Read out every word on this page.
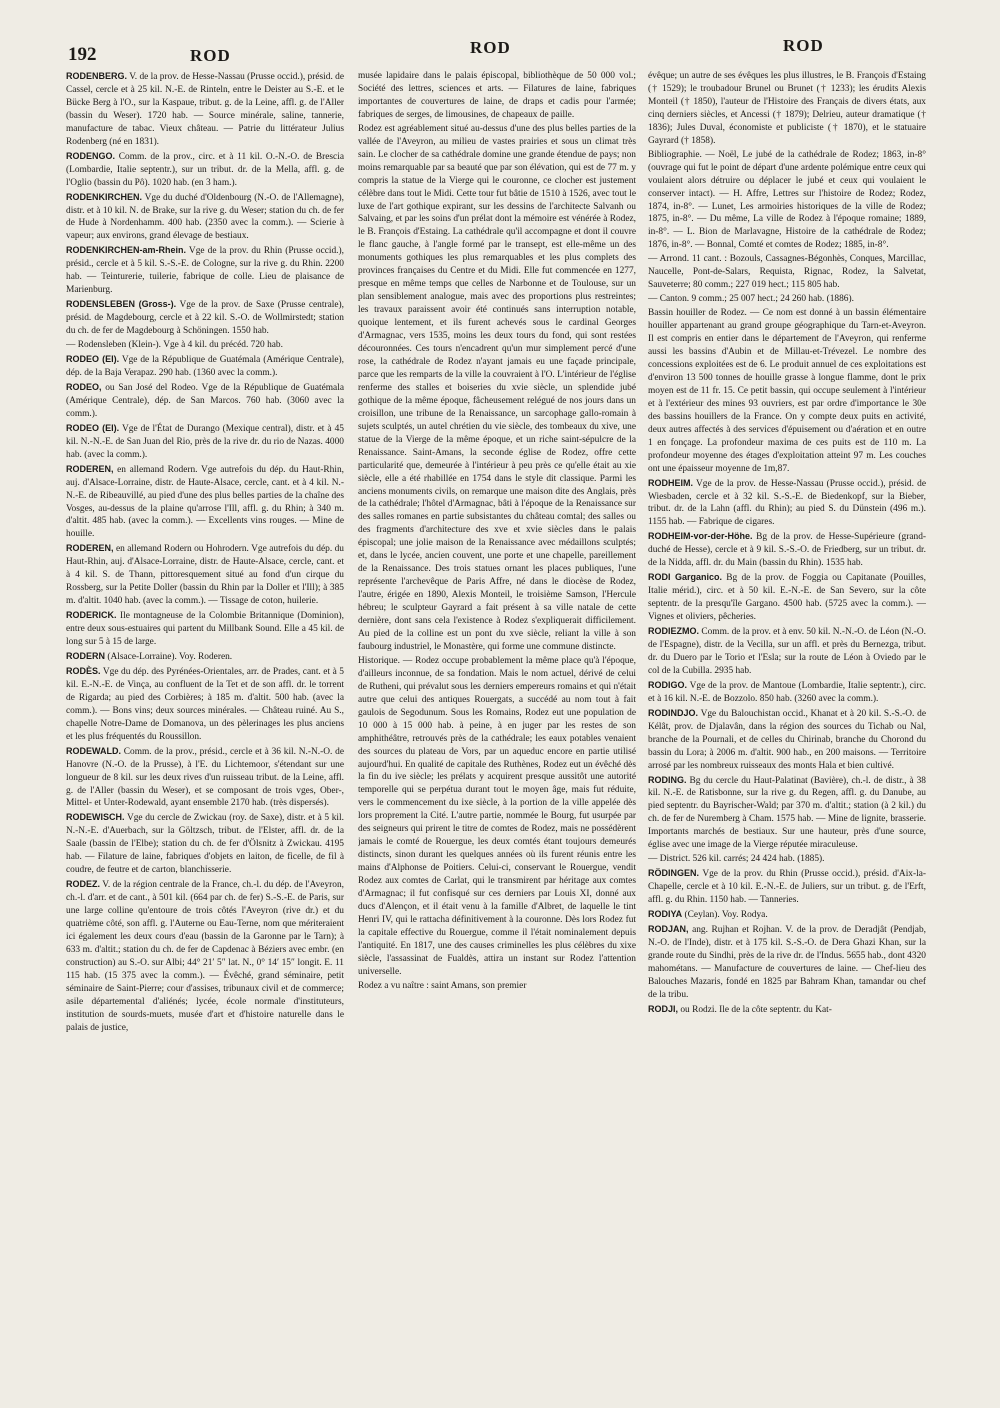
192	ROD	ROD	ROD

RODENBERG. V. de la prov. de Hesse-Nassau (Prusse occid.), présid. de Cassel, cercle et à 25 kil. N.-E. de Rinteln, entre le Deister au S.-E. et le Bücke Berg à l'O., sur la Kaspaue, tribut. g. de la Leine, affl. g. de l'Aller (bassin du Weser). 1720 hab. — Source minérale, saline, tannerie, manufacture de tabac. Vieux château. — Patrie du littérateur Julius Rodenberg (né en 1831).

RODENGO. Comm. de la prov., circ. et à 11 kil. O.-N.-O. de Brescia (Lombardie, Italie septentr.), sur un tribut. dr. de la Mella, affl. g. de l'Oglio (bassin du Pô). 1020 hab. (en 3 ham.).

RODENKIRCHEN. Vge du duché d'Oldenbourg (N.-O. de l'Allemagne), distr. et à 10 kil. N. de Brake, sur la rive g. du Weser; station du ch. de fer de Hude à Nordenhamm. 400 hab. (2350 avec la comm.). — Scierie à vapeur; aux environs, grand élevage de bestiaux.

RODENKIRCHEN-am-Rhein. Vge de la prov. du Rhin (Prusse occid.), présid., cercle et à 5 kil. S.-S.-E. de Cologne, sur la rive g. du Rhin. 2200 hab. — Teinturerie, tuilerie, fabrique de colle. Lieu de plaisance de Marienburg.

RODENSLEBEN (Gross-). Vge de la prov. de Saxe (Prusse centrale), présid. de Magdebourg, cercle et à 22 kil. S.-O. de Wollmirstedt; station du ch. de fer de Magdebourg à Schöningen. 1550 hab.

— Rodensleben (Klein-). Vge à 4 kil. du précéd. 720 hab.

RODEO (El). Vge de la République de Guatémala (Amérique Centrale), dép. de la Baja Verapaz. 290 hab. (1360 avec la comm.).

RODEO, ou San José del Rodeo. Vge de la République de Guatémala (Amérique Centrale), dép. de San Marcos. 760 hab. (3060 avec la comm.).

RODEO (El). Vge de l'État de Durango (Mexique central), distr. et à 45 kil. N.-N.-E. de San Juan del Rio, près de la rive dr. du rio de Nazas. 4000 hab. (avec la comm.).

RODEREN, en allemand Rodern. Vge autrefois du dép. du Haut-Rhin, auj. d'Alsace-Lorraine, distr. de Haute-Alsace, cercle, cant. et à 4 kil. N.-N.-E. de Ribeauvillé, au pied d'une des plus belles parties de la chaîne des Vosges, au-dessus de la plaine qu'arrose l'Ill, affl. g. du Rhin; à 340 m. d'altit. 485 hab. (avec la comm.). — Excellents vins rouges. — Mine de houille.

RODEREN, en allemand Rodern ou Hohrodern. Vge autrefois du dép. du Haut-Rhin, auj. d'Alsace-Lorraine, distr. de Haute-Alsace, cercle, cant. et à 4 kil. S. de Thann, pittoresquement situé au fond d'un cirque du Rossberg, sur la Petite Doller (bassin du Rhin par la Doller et l'Ill); à 385 m. d'altit. 1040 hab. (avec la comm.). — Tissage de coton, huilerie.

RODERICK. Ile montagneuse de la Colombie Britannique (Dominion), entre deux sous-estuaires qui partent du Millbank Sound. Elle a 45 kil. de long sur 5 à 15 de large.

RODERN (Alsace-Lorraine). Voy. Roderen.

RODÈS. Vge du dép. des Pyrénées-Orientales, arr. de Prades, cant. et à 5 kil. E.-N.-E. de Vinça, au confluent de la Tet et de son affl. dr. le torrent de Rigarda; au pied des Corbières; à 185 m. d'altit. 500 hab. (avec la comm.). — Bons vins; deux sources minérales. — Château ruiné. Au S., chapelle Notre-Dame de Domanova, un des pèlerinages les plus anciens et les plus fréquentés du Roussillon.

RODEWALD. Comm. de la prov., présid., cercle et à 36 kil. N.-N.-O. de Hanovre (N.-O. de la Prusse), à l'E. du Lichtemoor, s'étendant sur une longueur de 8 kil. sur les deux rives d'un ruisseau tribut. de la Leine, affl. g. de l'Aller (bassin du Weser), et se composant de trois vges, Ober-, Mittel- et Unter-Rodewald, ayant ensemble 2170 hab. (très dispersés).

RODEWISCH. Vge du cercle de Zwickau (roy. de Saxe), distr. et à 5 kil. N.-N.-E. d'Auerbach, sur la Göltzsch, tribut. de l'Elster, affl. dr. de la Saale (bassin de l'Elbe); station du ch. de fer d'Ölsnitz à Zwickau. 4195 hab. — Filature de laine, fabriques d'objets en laiton, de ficelle, de fil à coudre, de feutre et de carton, blanchisserie.

RODEZ. V. de la région centrale de la France, ch.-l. du dép. de l'Aveyron, ch.-l. d'arr. et de cant., à 501 kil. (664 par ch. de fer) S.-S.-E. de Paris, sur une large colline qu'entoure de trois côtés l'Aveyron (rive dr.) et du quatrième côté, son affl. g. l'Auterne ou Eau-Terne, nom que mériteraient ici également les deux cours d'eau (bassin de la Garonne par le Tarn); à 633 m. d'altit.; station du ch. de fer de Capdenac à Béziers avec embr. (en construction) au S.-O. sur Albi; 44° 21′ 5″ lat. N., 0° 14′ 15″ longit. E. 11 115 hab. (15 375 avec la comm.). — Évêché, grand séminaire, petit séminaire de Saint-Pierre; cour d'assises, tribunaux civil et de commerce; asile départemental d'aliénés; lycée, école normale d'instituteurs, institution de sourds-muets, musée d'art et d'histoire naturelle dans le palais de justice,

musée lapidaire dans le palais épiscopal, bibliothèque de 50 000 vol.; Société des lettres, sciences et arts. — Filatures de laine, fabriques importantes de couvertures de laine, de draps et cadis pour l'armée; fabriques de serges, de limousines, de chapeaux de paille.

Rodez est agréablement situé au-dessus d'une des plus belles parties de la vallée de l'Aveyron, au milieu de vastes prairies et sous un climat très sain. Le clocher de sa cathédrale domine une grande étendue de pays; non moins remarquable par sa beauté que par son élévation, qui est de 77 m. y compris la statue de la Vierge qui le couronne, ce clocher est justement célèbre dans tout le Midi. Cette tour fut bâtie de 1510 à 1526, avec tout le luxe de l'art gothique expirant, sur les dessins de l'architecte Salvanh ou Salvaing, et par les soins d'un prélat dont la mémoire est vénérée à Rodez, le B. François d'Estaing. La cathédrale qu'il accompagne et dont il couvre le flanc gauche, à l'angle formé par le transept, est elle-même un des monuments gothiques les plus remarquables et les plus complets des provinces françaises du Centre et du Midi. Elle fut commencée en 1277, presque en même temps que celles de Narbonne et de Toulouse, sur un plan sensiblement analogue, mais avec des proportions plus restreintes; les travaux paraissent avoir été continués sans interruption notable, quoique lentement, et ils furent achevés sous le cardinal Georges d'Armagnac, vers 1535, moins les deux tours du fond, qui sont restées découronnées. Ces tours n'encadrent qu'un mur simplement percé d'une rose, la cathédrale de Rodez n'ayant jamais eu une façade principale, parce que les remparts de la ville la couvraient à l'O. L'intérieur de l'église renferme des stalles et boiseries du xvie siècle, un splendide jubé gothique de la même époque, fâcheusement relégué de nos jours dans un croisillon, une tribune de la Renaissance, un sarcophage gallo-romain à sujets sculptés, un autel chrétien du vie siècle, des tombeaux du xive, une statue de la Vierge de la même époque, et un riche saint-sépulcre de la Renaissance. Saint-Amans, la seconde église de Rodez, offre cette particularité que, demeurée à l'intérieur à peu près ce qu'elle était au xie siècle, elle a été rhabillée en 1754 dans le style dit classique. Parmi les anciens monuments civils, on remarque une maison dite des Anglais, près de la cathédrale; l'hôtel d'Armagnac, bâti à l'époque de la Renaissance sur des salles romanes en partie subsistantes du château comtal; des salles ou des fragments d'architecture des xve et xvie siècles dans le palais épiscopal; une jolie maison de la Renaissance avec médaillons sculptés; et, dans le lycée, ancien couvent, une porte et une chapelle, pareillement de la Renaissance. Des trois statues ornant les places publiques, l'une représente l'archevêque de Paris Affre, né dans le diocèse de Rodez, l'autre, érigée en 1890, Alexis Monteil, le troisième Samson, l'Hercule hébreu; le sculpteur Gayrard a fait présent à sa ville natale de cette dernière, dont sans cela l'existence à Rodez s'expliquerait difficilement. Au pied de la colline est un pont du xve siècle, reliant la ville à son faubourg industriel, le Monastère, qui forme une commune distincte.

Historique. — Rodez occupe probablement la même place qu'à l'époque, d'ailleurs inconnue, de sa fondation. Mais le nom actuel, dérivé de celui de Rutheni, qui prévalut sous les derniers empereurs romains et qui n'était autre que celui des antiques Rouergats, a succédé au nom tout à fait gaulois de Segodunum. Sous les Romains, Rodez eut une population de 10 000 à 15 000 hab. à peine, à en juger par les restes de son amphithéâtre, retrouvés près de la cathédrale; les eaux potables venaient des sources du plateau de Vors, par un aqueduc encore en partie utilisé aujourd'hui. En qualité de capitale des Ruthènes, Rodez eut un évêché dès la fin du ive siècle; les prélats y acquirent presque aussitôt une autorité temporelle qui se perpétua durant tout le moyen âge, mais fut réduite, vers le commencement du ixe siècle, à la portion de la ville appelée dès lors proprement la Cité. L'autre partie, nommée le Bourg, fut usurpée par des seigneurs qui prirent le titre de comtes de Rodez, mais ne possédèrent jamais le comté de Rouergue, les deux comtés étant toujours demeurés distincts, sinon durant les quelques années où ils furent réunis entre les mains d'Alphonse de Poitiers. Celui-ci, conservant le Rouergue, vendit Rodez aux comtes de Carlat, qui le transmirent par héritage aux comtes d'Armagnac; il fut confisqué sur ces derniers par Louis XI, donné aux ducs d'Alençon, et il était venu à la famille d'Albret, de laquelle le tint Henri IV, qui le rattacha définitivement à la couronne. Dès lors Rodez fut la capitale effective du Rouergue, comme il l'était nominalement depuis l'antiquité. En 1817, une des causes criminelles les plus célèbres du xixe siècle, l'assassinat de Fualdès, attira un instant sur Rodez l'attention universelle.

Rodez a vu naître : saint Amans, son premier

évêque; un autre de ses évêques les plus illustres, le B. François d'Estaing († 1529); le troubadour Brunel ou Brunet († 1233); les érudits Alexis Monteil († 1850), l'auteur de l'Histoire des Français de divers états, aux cinq derniers siècles, et Ancessi († 1879); Delrieu, auteur dramatique († 1836); Jules Duval, économiste et publiciste († 1870), et le statuaire Gayrard († 1858).

Bibliographie. — Noël, Le jubé de la cathédrale de Rodez; 1863, in-8° (ouvrage qui fut le point de départ d'une ardente polémique entre ceux qui voulaient alors détruire ou déplacer le jubé et ceux qui voulaient le conserver intact). — H. Affre, Lettres sur l'histoire de Rodez; Rodez, 1874, in-8°. — Lunet, Les armoiries historiques de la ville de Rodez; 1875, in-8°. — Du même, La ville de Rodez à l'époque romaine; 1889, in-8°. — L. Bion de Marlavagne, Histoire de la cathédrale de Rodez; 1876, in-8°. — Bonnal, Comté et comtes de Rodez; 1885, in-8°.

— Arrond. 11 cant. : Bozouls, Cassagnes-Bégonhès, Conques, Marcillac, Naucelle, Pont-de-Salars, Requista, Rignac, Rodez, la Salvetat, Sauveterre; 80 comm.; 227 019 hect.; 115 805 hab.

— Canton. 9 comm.; 25 007 hect.; 24 260 hab. (1886).

Bassin houiller de Rodez. — Ce nom est donné à un bassin élémentaire houiller appartenant au grand groupe géographique du Tarn-et-Aveyron. Il est compris en entier dans le département de l'Aveyron, qui renferme aussi les bassins d'Aubin et de Millau-et-Trévezel. Le nombre des concessions exploitées est de 6. Le produit annuel de ces exploitations est d'environ 13 500 tonnes de houille grasse à longue flamme, dont le prix moyen est de 11 fr. 15. Ce petit bassin, qui occupe seulement à l'intérieur et à l'extérieur des mines 93 ouvriers, est par ordre d'importance le 30e des bassins houillers de la France. On y compte deux puits en activité, deux autres affectés à des services d'épuisement ou d'aération et en outre 1 en fonçage. La profondeur maxima de ces puits est de 110 m. La profondeur moyenne des étages d'exploitation atteint 97 m. Les couches ont une épaisseur moyenne de 1m,87.

RODHEIM. Vge de la prov. de Hesse-Nassau (Prusse occid.), présid. de Wiesbaden, cercle et à 32 kil. S.-S.-E. de Biedenkopf, sur la Bieber, tribut. dr. de la Lahn (affl. du Rhin); au pied S. du Dünstein (496 m.). 1155 hab. — Fabrique de cigares.

RODHEIM-vor-der-Höhe. Bg de la prov. de Hesse-Supérieure (grand-duché de Hesse), cercle et à 9 kil. S.-S.-O. de Friedberg, sur un tribut. dr. de la Nidda, affl. dr. du Main (bassin du Rhin). 1535 hab.

RODI Garganico. Bg de la prov. de Foggia ou Capitanate (Pouilles, Italie mérid.), circ. et à 50 kil. E.-N.-E. de San Severo, sur la côte septentr. de la presqu'île Gargano. 4500 hab. (5725 avec la comm.). — Vignes et oliviers, pêcheries.

RODIEZMO. Comm. de la prov. et à env. 50 kil. N.-N.-O. de Léon (N.-O. de l'Espagne), distr. de la Vecilla, sur un affl. et près du Bernezga, tribut. dr. du Duero par le Torio et l'Esla; sur la route de Léon à Oviedo par le col de la Cubilla. 2935 hab.

RODIGO. Vge de la prov. de Mantoue (Lombardie, Italie septentr.), circ. et à 16 kil. N.-E. de Bozzolo. 850 hab. (3260 avec la comm.).

RODINDJO. Vge du Balouchistan occid., Khanat et à 20 kil. S.-S.-O. de Kélât, prov. de Djalavân, dans la région des sources du Tichab ou Nal, branche de la Pournali, et de celles du Chirinab, branche du Chorond du bassin du Lora; à 2006 m. d'altit. 900 hab., en 200 maisons. — Territoire arrosé par les nombreux ruisseaux des monts Hala et bien cultivé.

RODING. Bg du cercle du Haut-Palatinat (Bavière), ch.-l. de distr., à 38 kil. N.-E. de Ratisbonne, sur la rive g. du Regen, affl. g. du Danube, au pied septentr. du Bayrischer-Wald; par 370 m. d'altit.; station (à 2 kil.) du ch. de fer de Nuremberg à Cham. 1575 hab. — Mine de lignite, brasserie. Importants marchés de bestiaux. Sur une hauteur, près d'une source, église avec une image de la Vierge réputée miraculeuse.

— District. 526 kil. carrés; 24 424 hab. (1885).

RÖDINGEN. Vge de la prov. du Rhin (Prusse occid.), présid. d'Aix-la-Chapelle, cercle et à 10 kil. E.-N.-E. de Juliers, sur un tribut. g. de l'Erft, affl. g. du Rhin. 1150 hab. — Tanneries.

RODIYA (Ceylan). Voy. Rodya.

RODJAN, ang. Rujhan et Rojhan. V. de la prov. de Deradjât (Pendjab, N.-O. de l'Inde), distr. et à 175 kil. S.-S.-O. de Dera Ghazi Khan, sur la grande route du Sindhi, près de la rive dr. de l'Indus. 5655 hab., dont 4320 mahométans. — Manufacture de couvertures de laine. — Chef-lieu des Balouches Mazaris, fondé en 1825 par Bahram Khan, tamandar ou chef de la tribu.

RODJI, ou Rodzi. Ile de la côte septentr. du Kat-
